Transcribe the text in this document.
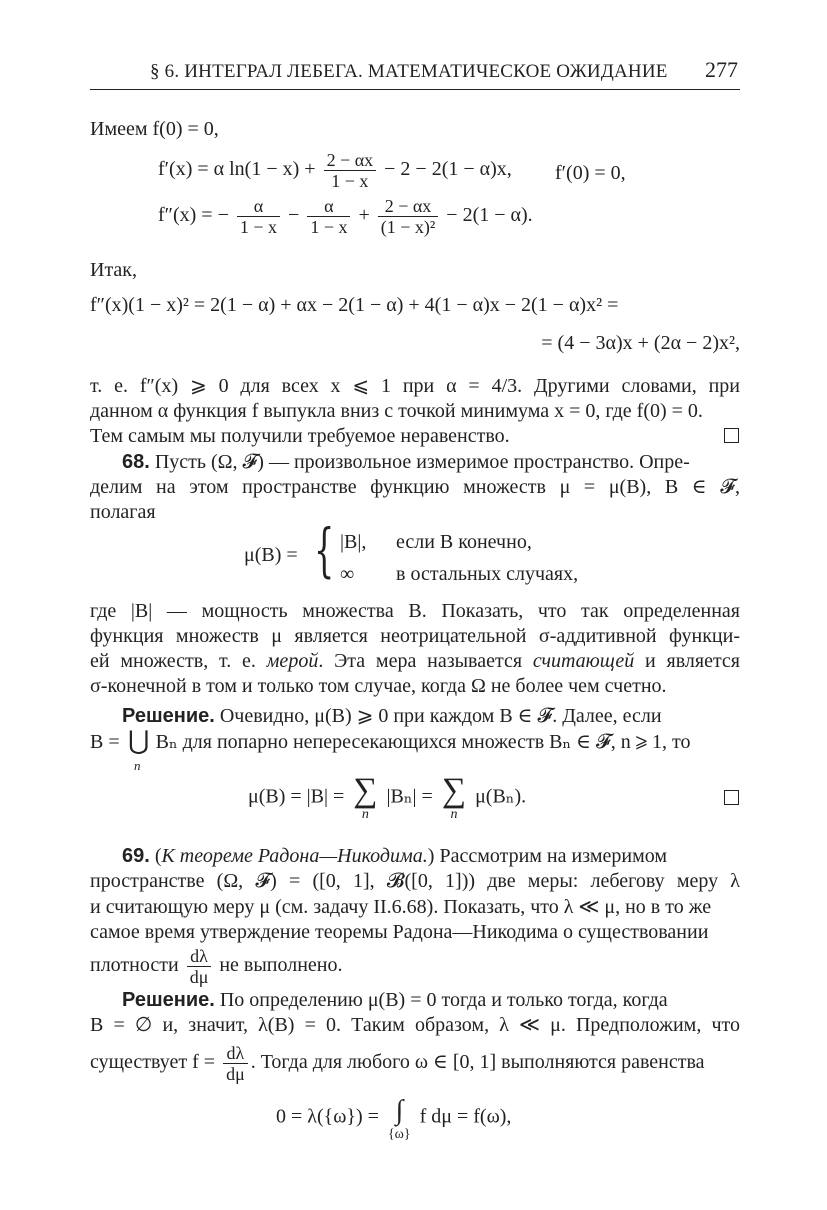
§ 6. ИНТЕГРАЛ ЛЕБЕГА. МАТЕМАТИЧЕСКОЕ ОЖИДАНИЕ 277
Имеем f(0) = 0,
f′(x) = α $\ln(1 - x) + \frac{2 - \alpha x}{1 - x} - 2 - 2(1 - \alpha)x$, f′(0) = 0,
f″(x) = − $\frac{\alpha}{1 - x} - \frac{\alpha}{1 - x} + \frac{2 - \alpha x}{\text{(1 − x)²}} - 2(1 - \alpha)$.
Итак,
f″(x)(1 − x)² = 2(1 − α) + αx − 2(1 − α) + 4(1 − α)x − 2(1 − α)x² =
= (4 − 3α)x + (2α − 2)x²,
т. е. f″(x) ⩾ 0 для всех x ⩽ 1 при α = 4/3. Другими словами, при
данном α функция f выпукла вниз с точкой минимума x = 0, где f(0) = 0.
Тем самым мы получили требуемое неравенство.
68. Пусть (Ω, 𝓕) — произвольное измеримое пространство. Опре-
делим на этом пространстве функцию множеств μ = μ(B), B ∈ 𝓕,
полагая
μ(B) = { |B|, если B конечно,
∞ в остальных случаях,
где |B| — мощность множества B. Показать, что так определенная
функция множеств μ является неотрицательной σ-аддитивной функци-
ей множеств, т. е. мерой. Эта мера называется считающей и является
σ-конечной в том и только том случае, когда Ω не более чем счетно.
Решение. Очевидно, μ(B) ⩾ 0 при каждом B ∈ 𝓕. Далее, если
B =  Bₙ для попарно непересекающихся множеств Bₙ ∈ 𝓕, n ⩾ 1, то
⋃
n
μ(B) = |B| = ∑
n
|Bₙ| = ∑
n
μ(Bₙ).
69. (К теореме Радона—Никодима.) Рассмотрим на измеримом
пространстве (Ω, 𝓕) = ([0, 1], 𝓑([0, 1])) две меры: лебегову меру λ
и считающую меру μ (см. задачу II.6.68). Показать, что λ ≪ μ, но в то же
самое время утверждение теоремы Радона—Никодима о существовании
плотности $\frac{d\lambda}{d\mu}$ не выполнено.
Решение. По определению μ(B) = 0 тогда и только тогда, когда
B = ∅ и, значит, λ(B) = 0. Таким образом, λ ≪ μ. Предположим, что
существует $f = \frac{d\lambda}{d\mu}$ . Тогда для любого ω ∈ [0, 1] выполняются равенства
0 = λ({ω}) = ∫
{ω}
f dμ = f(ω),
